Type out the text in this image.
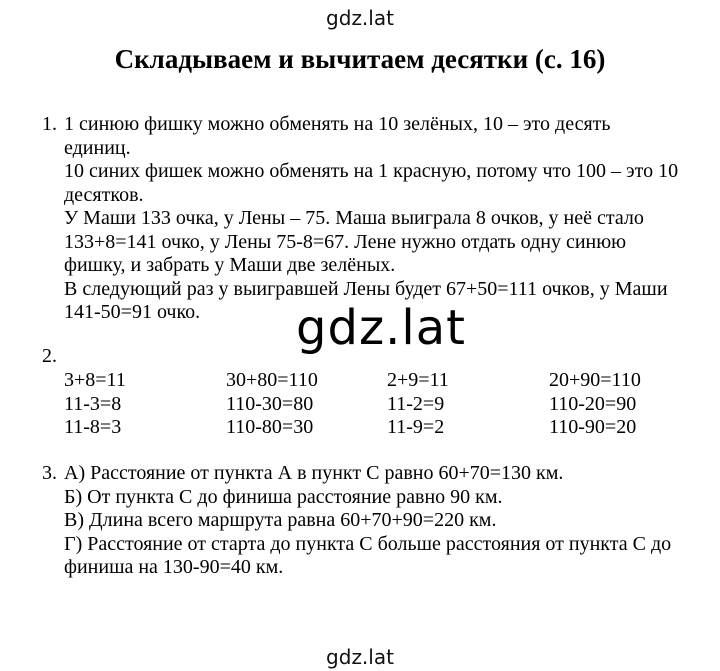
gdz.lat
Складываем и вычитаем десятки (с. 16)
1. 1 синюю фишку можно обменять на 10 зелёных, 10 – это десять
единиц.
10 синих фишек можно обменять на 1 красную, потому что 100 – это 10
десятков.
У Маши 133 очка, у Лены – 75. Маша выиграла 8 очков, у неё стало
133+8=141 очко, у Лены 75-8=67. Лене нужно отдать одну синюю
фишку, и забрать у Маши две зелёных.
В следующий раз у выигравшей Лены будет 67+50=111 очков, у Маши
141-50=91 очко.	gdz.lat
2.
3+8=11
11-3=8
11-8=3
30+80=110
110-30=80
110-80=30
2+9=11
11-2=9
11-9=2
20+90=110
110-20=90
110-90=20
3. А) Расстояние от пункта А в пункт С равно 60+70=130 км.
Б) От пункта С до финиша расстояние равно 90 км.
В) Длина всего маршрута равна 60+70+90=220 км.
Г) Расстояние от старта до пункта С больше расстояния от пункта С до
финиша на 130-90=40 км.
gdz.lat
